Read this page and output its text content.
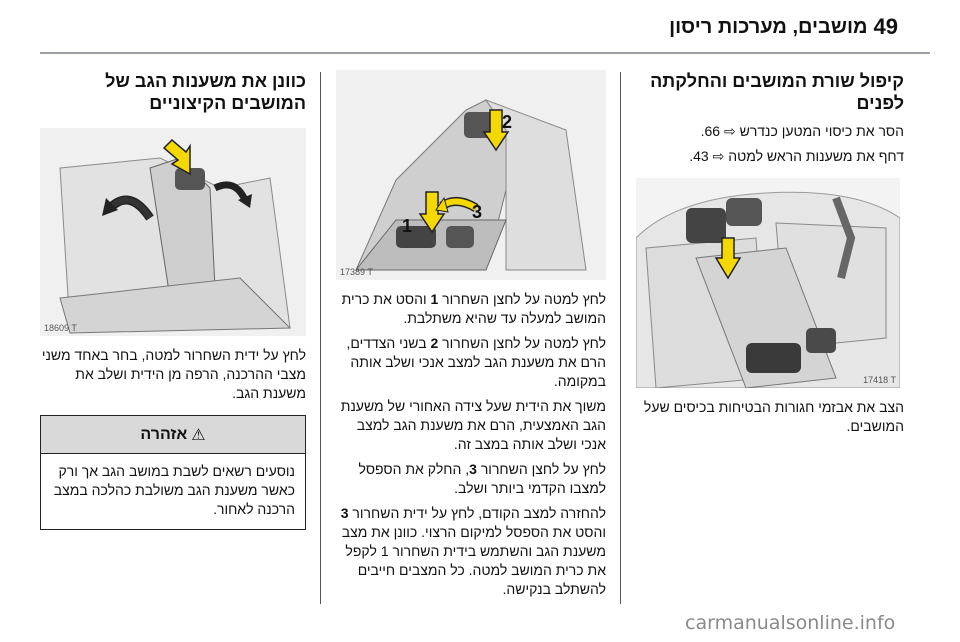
49
מושבים, מערכות ריסון
קיפול שורת המושבים והחלקתה לפנים
הסר את כיסוי המטען כנדרש ⇨ 66.
דחף את משענות הראש למטה ⇨ 43.
17418 T
הצב את אבזמי חגורות הבטיחות בכיסים שעל המושבים.
2
1
3
17389 T
לחץ למטה על לחצן השחרור 1 והסט את כרית המושב למעלה עד שהיא משתלבת.
לחץ למטה על לחצן השחרור 2 בשני הצדדים, הרם את משענת הגב למצב אנכי ושלב אותה במקומה.
משוך את הידית שעל צידה האחורי של משענת הגב האמצעית, הרם את משענת הגב למצב אנכי ושלב אותה במצב זה.
לחץ על לחצן השחרור 3, החלק את הספסל למצבו הקדמי ביותר ושלב.
להחזרה למצב הקודם, לחץ על ידית השחרור 3 והסט את הספסל למיקום הרצוי. כוונן את מצב משענת הגב והשתמש בידית השחרור 1 לקפל את כרית המושב למטה. כל המצבים חייבים להשתלב בנקישה.
כוונן את משענות הגב של המושבים הקיצוניים
18609 T
לחץ על ידית השחרור למטה, בחר באחד משני מצבי ההרכנה, הרפה מן הידית ושלב את משענת הגב.
⚠
אזהרה
נוסעים רשאים לשבת במושב הגב אך ורק כאשר משענת הגב משולבת כהלכה במצב הרכנה לאחור.
carmanualsonline.info
